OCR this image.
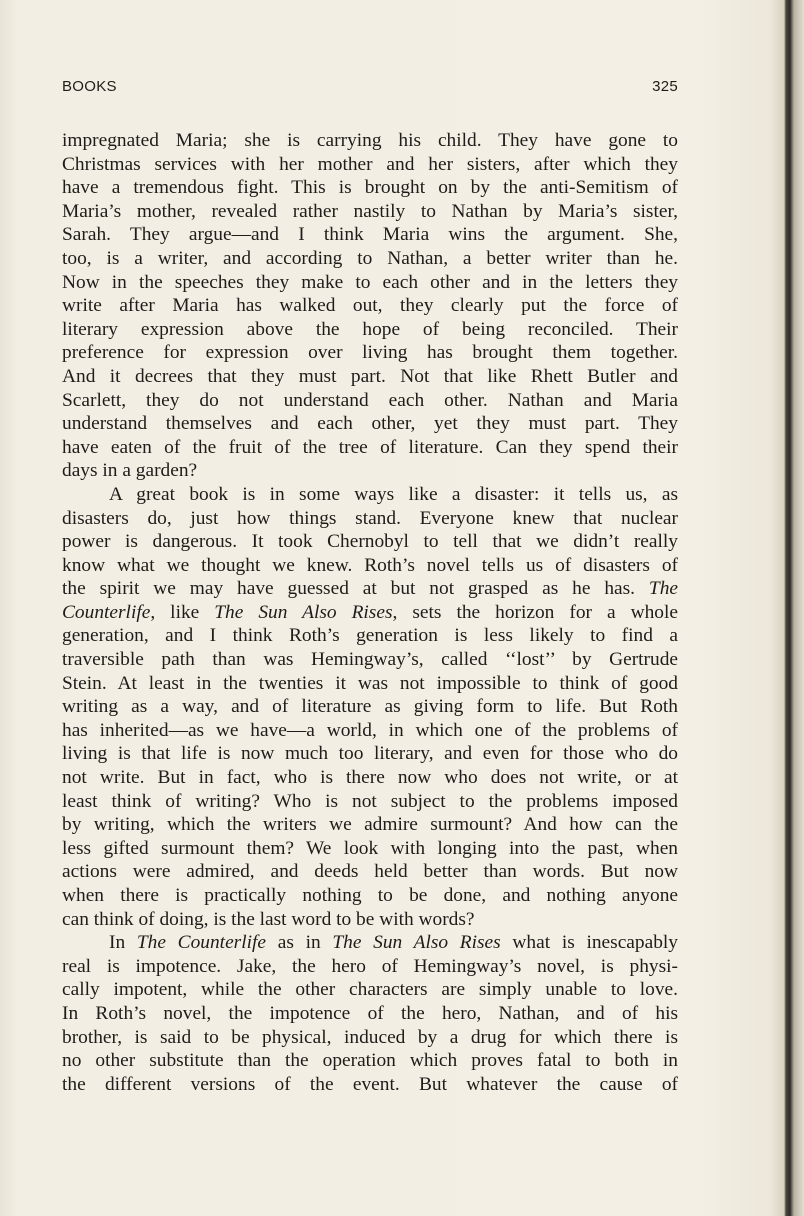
BOOKS	325
impregnated Maria; she is carrying his child. They have gone to
Christmas services with her mother and her sisters, after which they
have a tremendous fight. This is brought on by the anti-Semitism of
Maria’s mother, revealed rather nastily to Nathan by Maria’s sister,
Sarah. They argue—and I think Maria wins the argument. She,
too, is a writer, and according to Nathan, a better writer than he.
Now in the speeches they make to each other and in the letters they
write after Maria has walked out, they clearly put the force of
literary expression above the hope of being reconciled. Their
preference for expression over living has brought them together.
And it decrees that they must part. Not that like Rhett Butler and
Scarlett, they do not understand each other. Nathan and Maria
understand themselves and each other, yet they must part. They
have eaten of the fruit of the tree of literature. Can they spend their
days in a garden?
A great book is in some ways like a disaster: it tells us, as
disasters do, just how things stand. Everyone knew that nuclear
power is dangerous. It took Chernobyl to tell that we didn’t really
know what we thought we knew. Roth’s novel tells us of disasters of
the spirit we may have guessed at but not grasped as he has. The
Counterlife, like The Sun Also Rises, sets the horizon for a whole
generation, and I think Roth’s generation is less likely to find a
traversible path than was Hemingway’s, called ‘‘lost’’ by Gertrude
Stein. At least in the twenties it was not impossible to think of good
writing as a way, and of literature as giving form to life. But Roth
has inherited—as we have—a world, in which one of the problems of
living is that life is now much too literary, and even for those who do
not write. But in fact, who is there now who does not write, or at
least think of writing? Who is not subject to the problems imposed
by writing, which the writers we admire surmount? And how can the
less gifted surmount them? We look with longing into the past, when
actions were admired, and deeds held better than words. But now
when there is practically nothing to be done, and nothing anyone
can think of doing, is the last word to be with words?
In The Counterlife as in The Sun Also Rises what is inescapably
real is impotence. Jake, the hero of Hemingway’s novel, is physi-
cally impotent, while the other characters are simply unable to love.
In Roth’s novel, the impotence of the hero, Nathan, and of his
brother, is said to be physical, induced by a drug for which there is
no other substitute than the operation which proves fatal to both in
the different versions of the event. But whatever the cause of
